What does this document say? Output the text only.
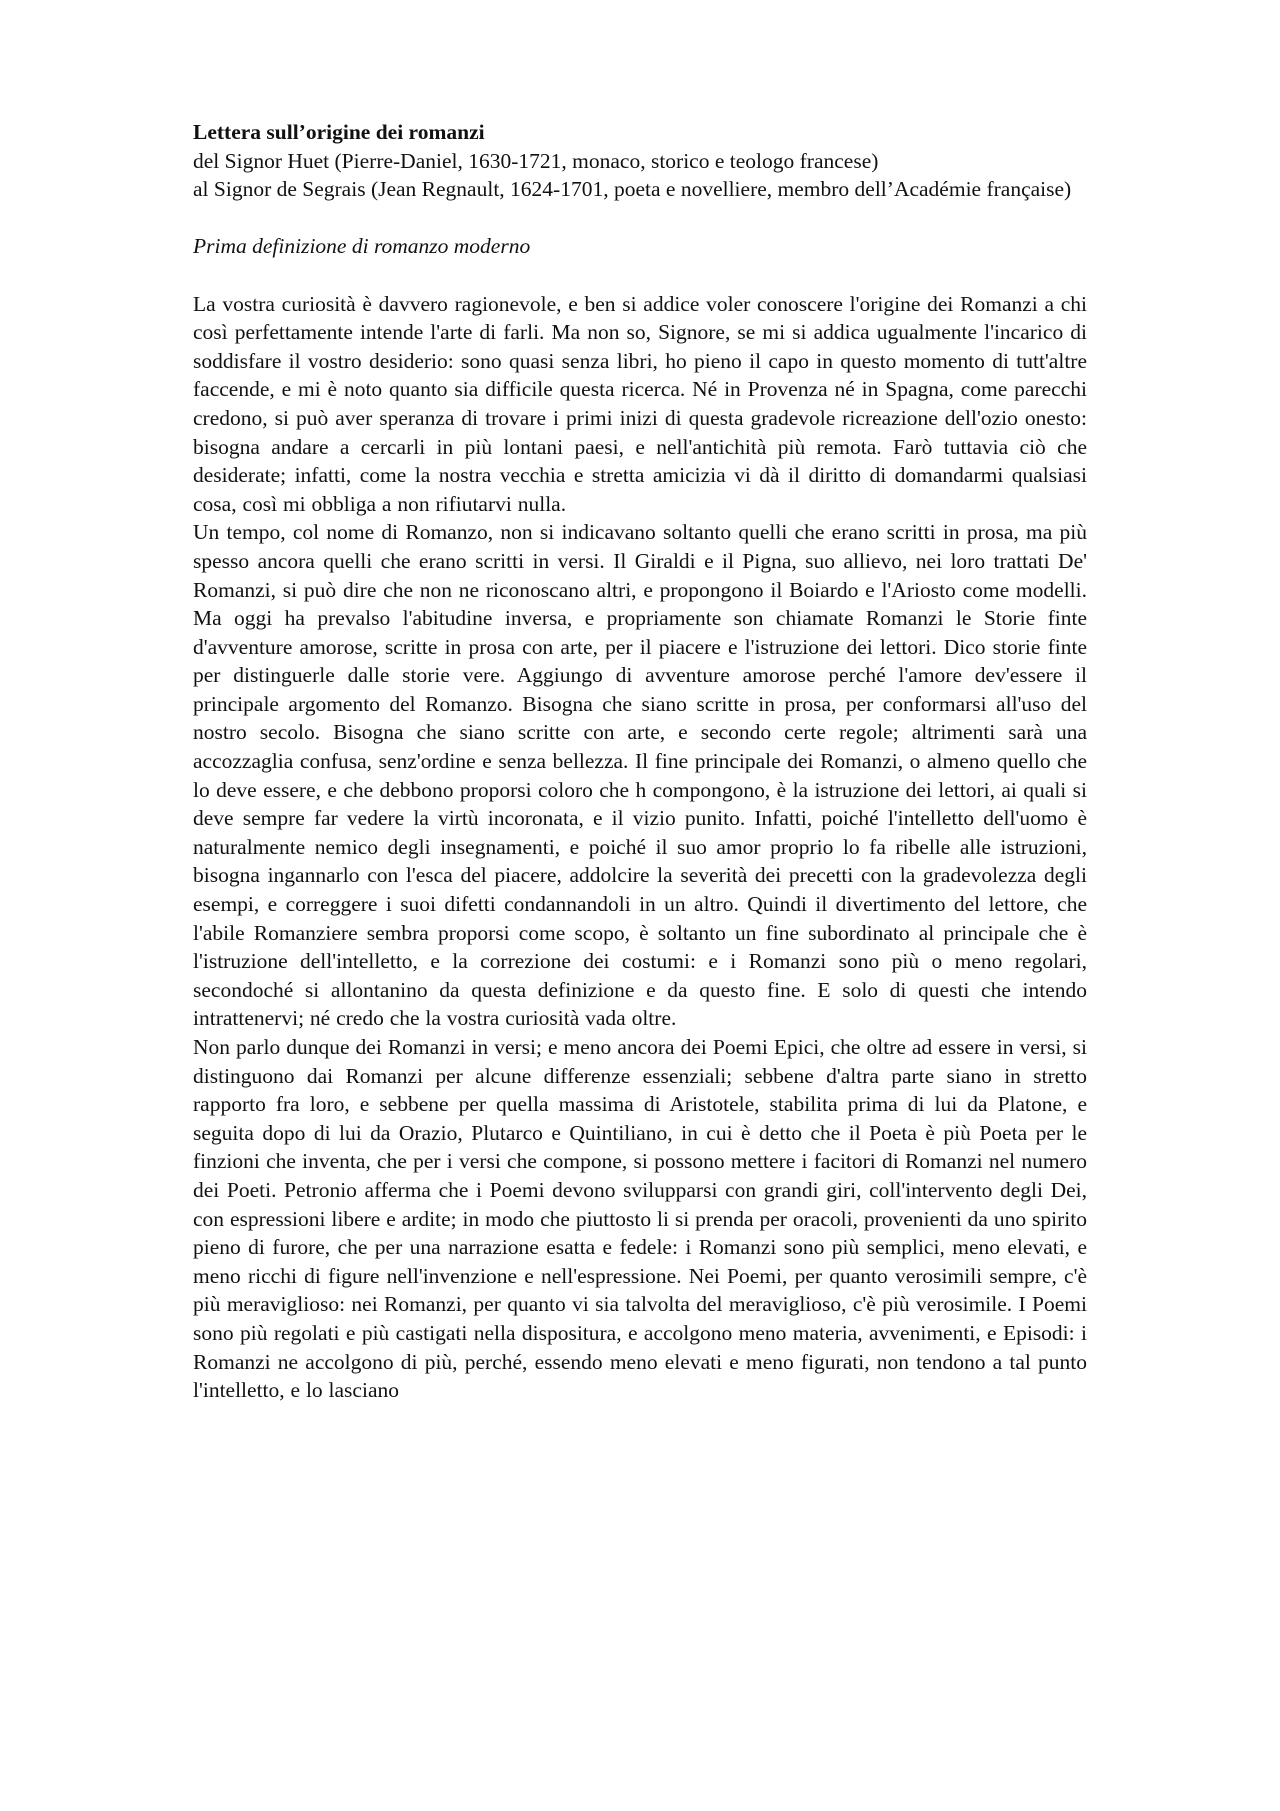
Lettera sull’origine dei romanzi

del Signor Huet (Pierre-Daniel, 1630-1721, monaco, storico e teologo francese)

al Signor de Segrais (Jean Regnault, 1624-1701, poeta e novelliere, membro dell’Académie française)

Prima definizione di romanzo moderno

La vostra curiosità è davvero ragionevole, e ben si addice voler conoscere l'origine dei Romanzi a chi così perfettamente intende l'arte di farli. Ma non so, Signore, se mi si addica ugualmente l'incarico di soddisfare il vostro desiderio: sono quasi senza libri, ho pieno il capo in questo momento di tutt'altre faccende, e mi è noto quanto sia difficile questa ricerca. Né in Provenza né in Spagna, come parecchi credono, si può aver speranza di trovare i primi inizi di questa gradevole ricreazione dell'ozio onesto: bisogna andare a cercarli in più lontani paesi, e nell'antichità più remota. Farò tuttavia ciò che desiderate; infatti, come la nostra vecchia e stretta amicizia vi dà il diritto di domandarmi qualsiasi cosa, così mi obbliga a non rifiutarvi nulla.

Un tempo, col nome di Romanzo, non si indicavano soltanto quelli che erano scritti in prosa, ma più spesso ancora quelli che erano scritti in versi. Il Giraldi e il Pigna, suo allievo, nei loro trattati De' Romanzi, si può dire che non ne riconoscano altri, e propongono il Boiardo e l'Ariosto come modelli. Ma oggi ha prevalso l'abitudine inversa, e propriamente son chiamate Romanzi le Storie finte d'avventure amorose, scritte in prosa con arte, per il piacere e l'istruzione dei lettori. Dico storie finte per distinguerle dalle storie vere. Aggiungo di avventure amorose perché l'amore dev'essere il principale argomento del Romanzo. Bisogna che siano scritte in prosa, per conformarsi all'uso del nostro secolo. Bisogna che siano scritte con arte, e secondo certe regole; altrimenti sarà una accozzaglia confusa, senz'ordine e senza bellezza. Il fine principale dei Romanzi, o almeno quello che lo deve essere, e che debbono proporsi coloro che h compongono, è la istruzione dei lettori, ai quali si deve sempre far vedere la virtù incoronata, e il vizio punito. Infatti, poiché l'intelletto dell'uomo è naturalmente nemico degli insegnamenti, e poiché il suo amor proprio lo fa ribelle alle istruzioni, bisogna ingannarlo con l'esca del piacere, addolcire la severità dei precetti con la gradevolezza degli esempi, e correggere i suoi difetti condannandoli in un altro. Quindi il divertimento del lettore, che l'abile Romanziere sembra proporsi come scopo, è soltanto un fine subordinato al principale che è l'istruzione dell'intelletto, e la correzione dei costumi: e i Romanzi sono più o meno regolari, secondoché si allontanino da questa definizione e da questo fine. E solo di questi che intendo intrattenervi; né credo che la vostra curiosità vada oltre.

Non parlo dunque dei Romanzi in versi; e meno ancora dei Poemi Epici, che oltre ad essere in versi, si distinguono dai Romanzi per alcune differenze essenziali; sebbene d'altra parte siano in stretto rapporto fra loro, e sebbene per quella massima di Aristotele, stabilita prima di lui da Platone, e seguita dopo di lui da Orazio, Plutarco e Quintiliano, in cui è detto che il Poeta è più Poeta per le finzioni che inventa, che per i versi che compone, si possono mettere i facitori di Romanzi nel numero dei Poeti. Petronio afferma che i Poemi devono svilupparsi con grandi giri, coll'intervento degli Dei, con espressioni libere e ardite; in modo che piuttosto li si prenda per oracoli, provenienti da uno spirito pieno di furore, che per una narrazione esatta e fedele: i Romanzi sono più semplici, meno elevati, e meno ricchi di figure nell'invenzione e nell'espressione. Nei Poemi, per quanto verosimili sempre, c'è più meraviglioso: nei Romanzi, per quanto vi sia talvolta del meraviglioso, c'è più verosimile. I Poemi sono più regolati e più castigati nella dispositura, e accolgono meno materia, avvenimenti, e Episodi: i Romanzi ne accolgono di più, perché, essendo meno elevati e meno figurati, non tendono a tal punto l'intelletto, e lo lasciano
